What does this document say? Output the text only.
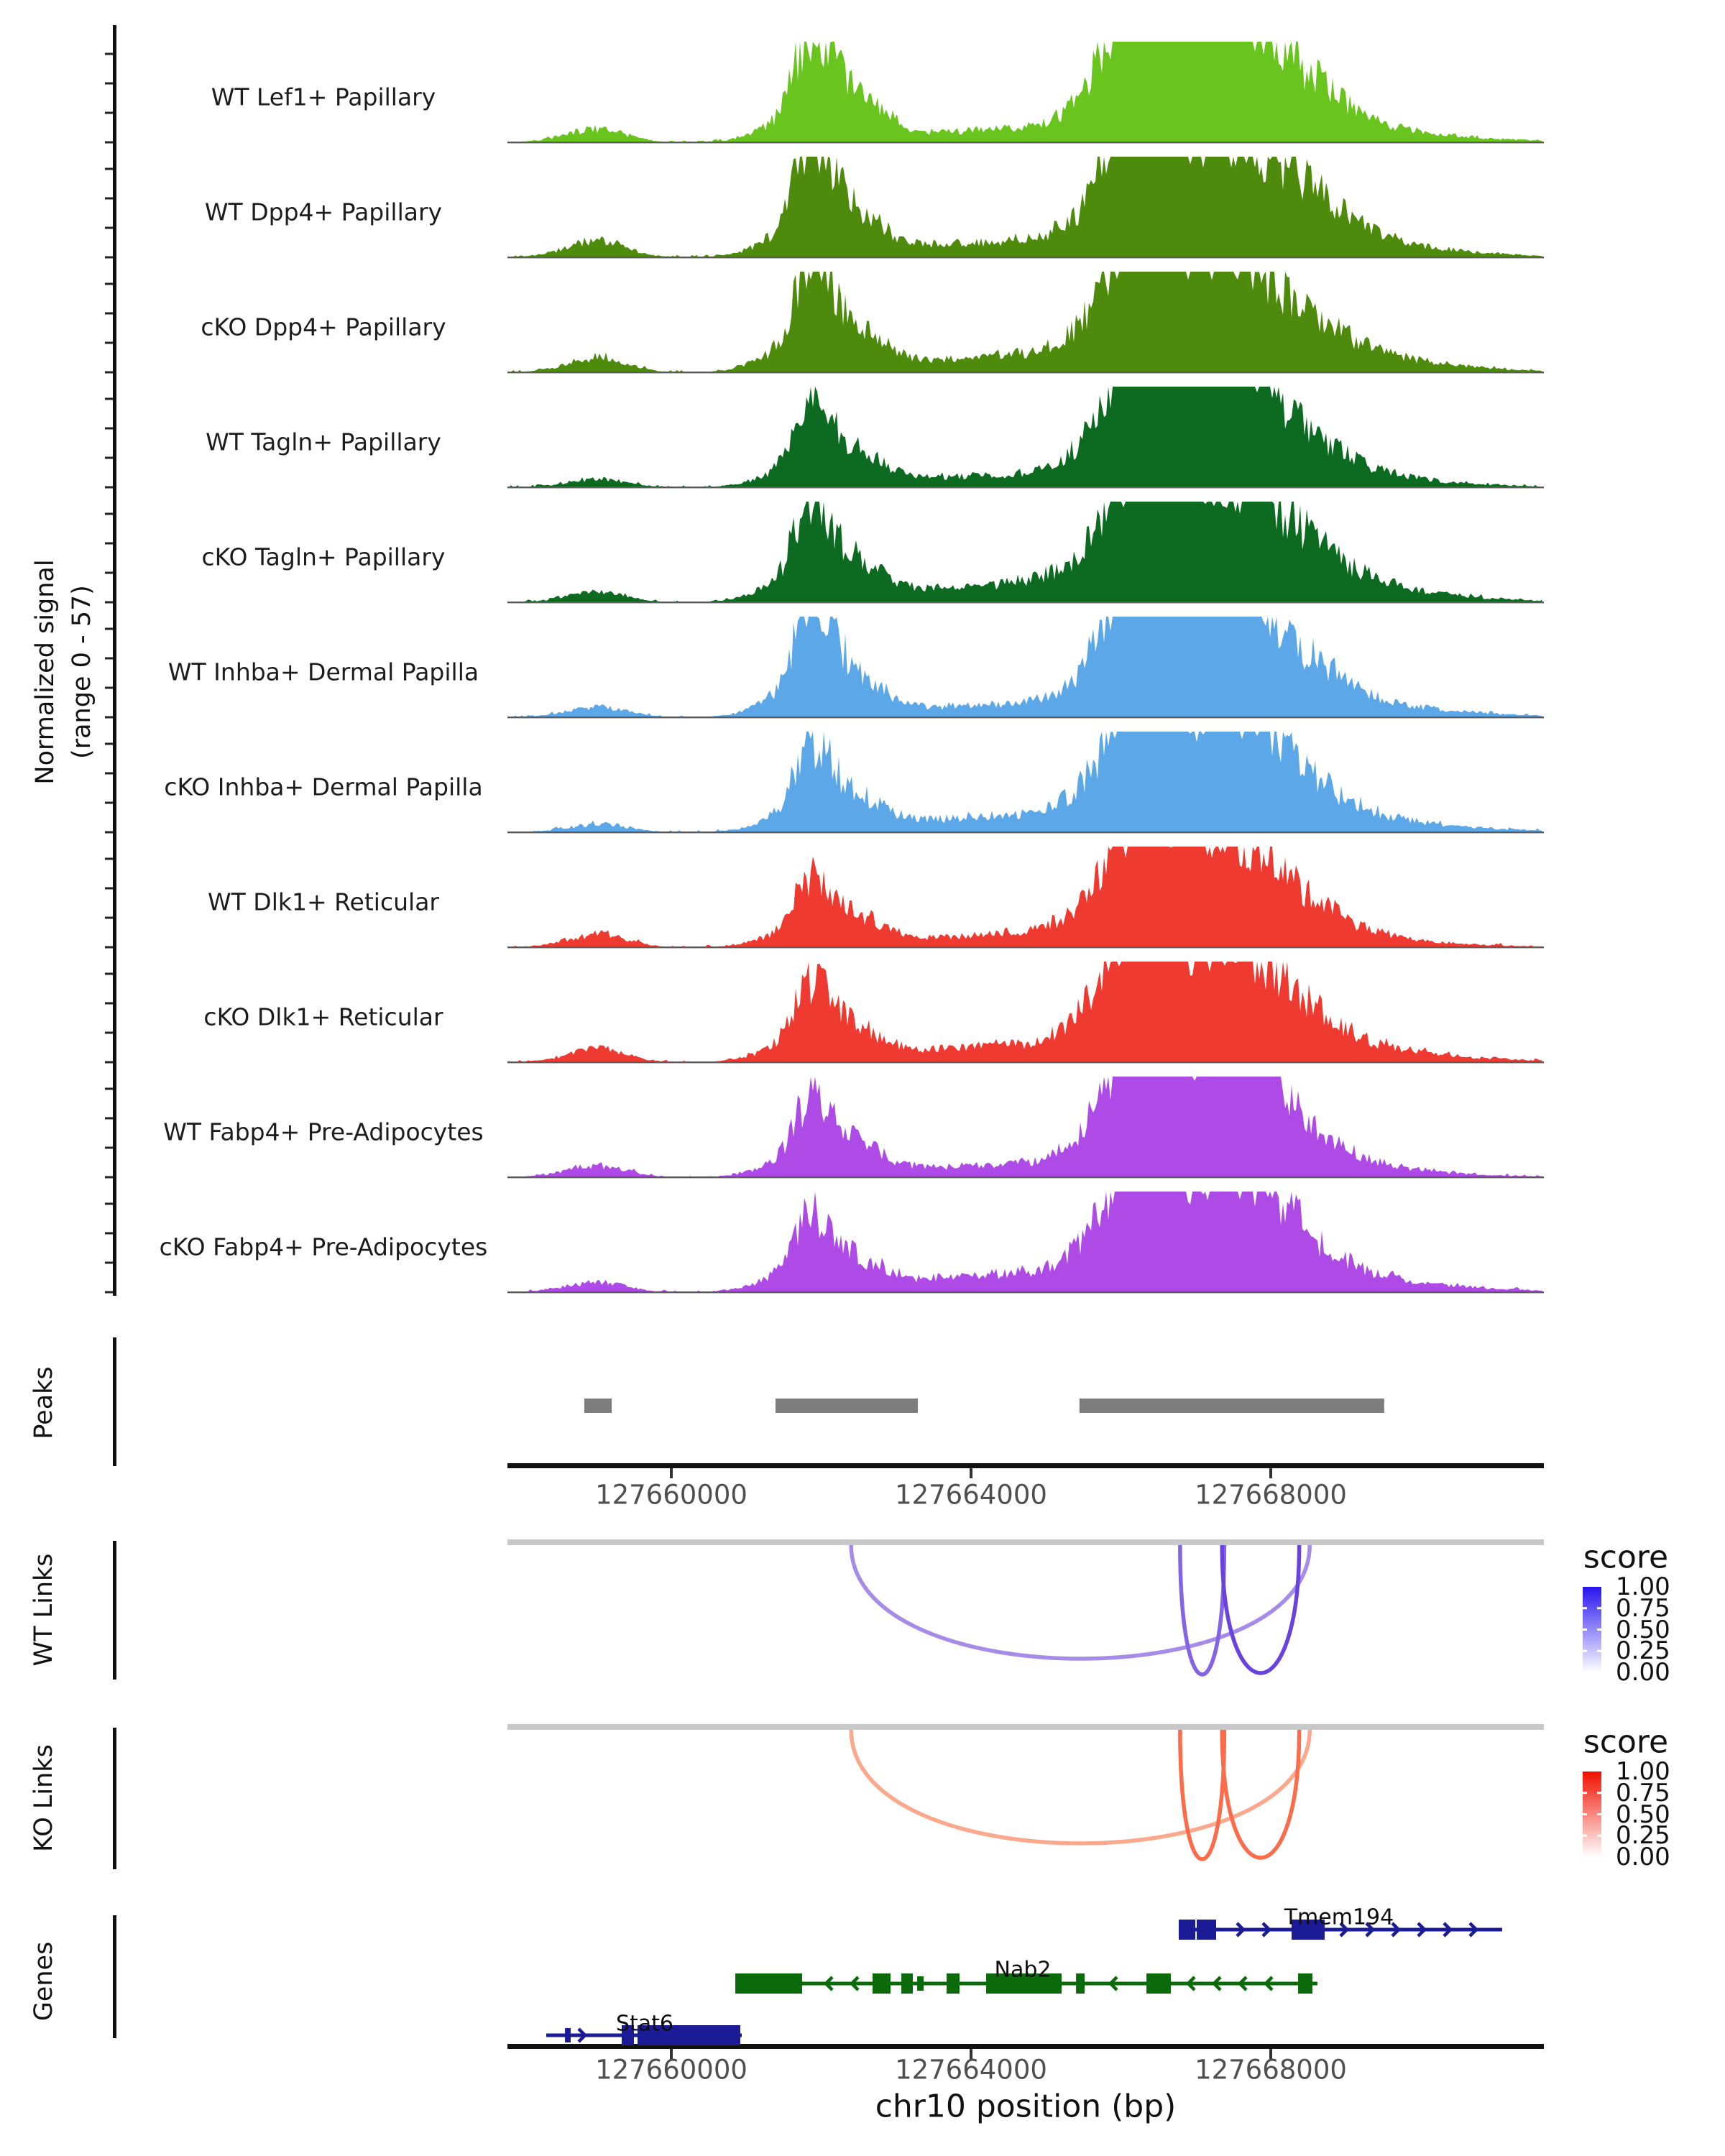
Normalized signal (range 0 - 57)
Peaks
WT Links
KO Links
Genes
score
score
chr10 position (bp)
WT Lef1+ Papillary
WT Dpp4+ Papillary
cKO Dpp4+ Papillary
WT Tagln+ Papillary
cKO Tagln+ Papillary
WT Inhba+ Dermal Papilla
cKO Inhba+ Dermal Papilla
WT Dlk1+ Reticular
cKO Dlk1+ Reticular
WT Fabp4+ Pre-Adipocytes
cKO Fabp4+ Pre-Adipocytes
127660000	127664000	127668000
127660000	127664000	127668000
1.00
0.75
0.50
0.25
0.00
1.00
0.75
0.50
0.25
0.00
Tmem194
Nab2
Stat6
